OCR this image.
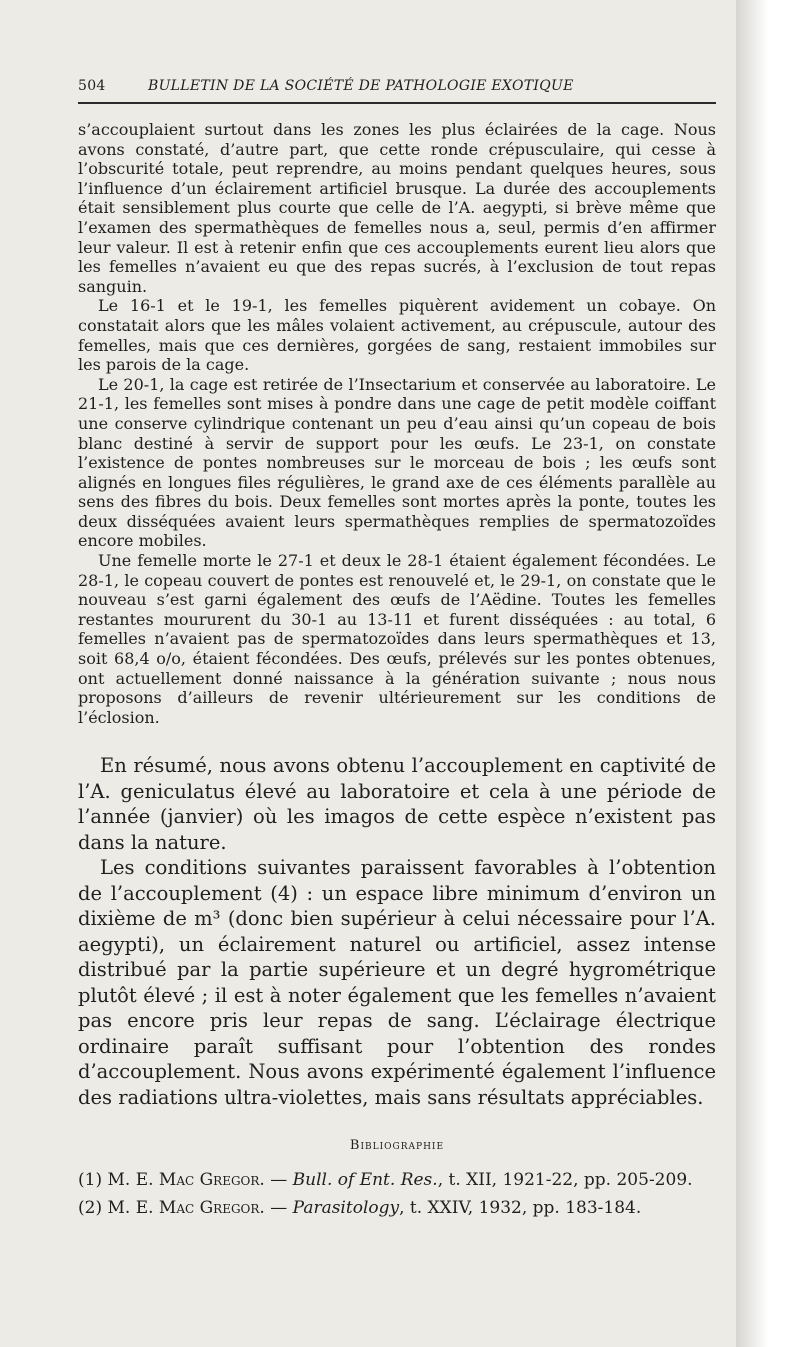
504	BULLETIN DE LA SOCIÉTÉ DE PATHOLOGIE EXOTIQUE

s’accouplaient surtout dans les zones les plus éclairées de la cage. Nous avons constaté, d’autre part, que cette ronde crépusculaire, qui cesse à l’obscurité totale, peut reprendre, au moins pendant quelques heures, sous l’influence d’un éclairement artificiel brusque. La durée des accouplements était sensiblement plus courte que celle de l’A. aegypti, si brève même que l’examen des spermathèques de femelles nous a, seul, permis d’en affirmer leur valeur. Il est à retenir enfin que ces accouplements eurent lieu alors que les femelles n’avaient eu que des repas sucrés, à l’exclusion de tout repas sanguin.

Le 16-1 et le 19-1, les femelles piquèrent avidement un cobaye. On constatait alors que les mâles volaient activement, au crépuscule, autour des femelles, mais que ces dernières, gorgées de sang, restaient immobiles sur les parois de la cage.

Le 20-1, la cage est retirée de l’Insectarium et conservée au laboratoire. Le 21-1, les femelles sont mises à pondre dans une cage de petit modèle coiffant une conserve cylindrique contenant un peu d’eau ainsi qu’un copeau de bois blanc destiné à servir de support pour les œufs. Le 23-1, on constate l’existence de pontes nombreuses sur le morceau de bois ; les œufs sont alignés en longues files régulières, le grand axe de ces éléments parallèle au sens des fibres du bois. Deux femelles sont mortes après la ponte, toutes les deux disséquées avaient leurs spermathèques remplies de spermatozoïdes encore mobiles.

Une femelle morte le 27-1 et deux le 28-1 étaient également fécondées. Le 28-1, le copeau couvert de pontes est renouvelé et, le 29-1, on constate que le nouveau s’est garni également des œufs de l’Aëdine. Toutes les femelles restantes moururent du 30-1 au 13-11 et furent disséquées : au total, 6 femelles n’avaient pas de spermatozoïdes dans leurs spermathèques et 13, soit 68,4 o/o, étaient fécondées. Des œufs, prélevés sur les pontes obtenues, ont actuellement donné naissance à la génération suivante ; nous nous proposons d’ailleurs de revenir ultérieurement sur les conditions de l’éclosion.

En résumé, nous avons obtenu l’accouplement en captivité de l’A. geniculatus élevé au laboratoire et cela à une période de l’année (janvier) où les imagos de cette espèce n’existent pas dans la nature.

Les conditions suivantes paraissent favorables à l’obtention de l’accouplement (4) : un espace libre minimum d’environ un dixième de m³ (donc bien supérieur à celui nécessaire pour l’A. aegypti), un éclairement naturel ou artificiel, assez intense distribué par la partie supérieure et un degré hygrométrique plutôt élevé ; il est à noter également que les femelles n’avaient pas encore pris leur repas de sang. L’éclairage électrique ordinaire paraît suffisant pour l’obtention des rondes d’accouplement. Nous avons expérimenté également l’influence des radiations ultra-violettes, mais sans résultats appréciables.

Bibliographie
(1) M. E. Mac Gregor. — Bull. of Ent. Res., t. XII, 1921-22, pp. 205-209.
(2) M. E. Mac Gregor. — Parasitology, t. XXIV, 1932, pp. 183-184.
